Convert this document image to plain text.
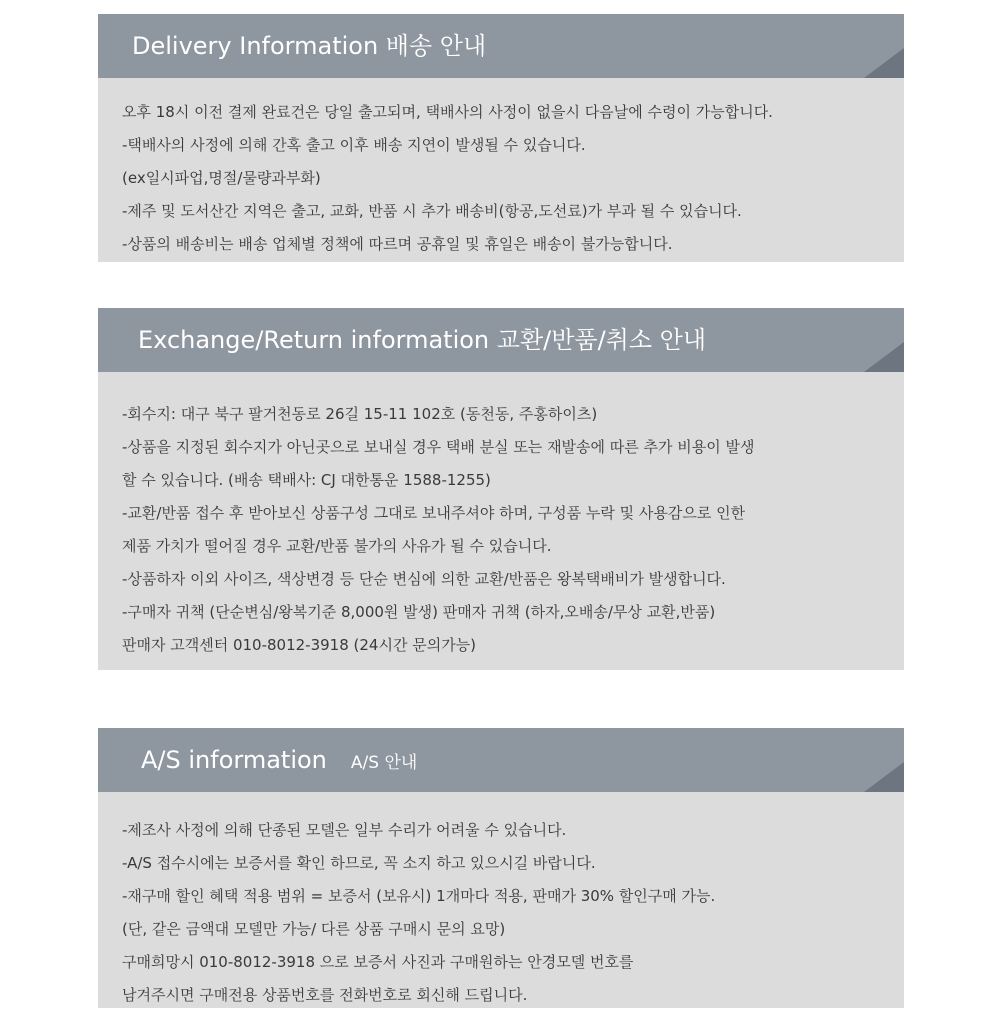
Delivery Information 배송 안내
오후 18시 이전 결제 완료건은 당일 출고되며, 택배사의 사정이 없을시 다음날에 수령이 가능합니다.
-택배사의 사정에 의해 간혹 출고 이후 배송 지연이 발생될 수 있습니다.
(ex일시파업,명절/물량과부화)
-제주 및 도서산간 지역은 출고, 교화, 반품 시 추가 배송비(항공,도선료)가 부과 될 수 있습니다.
-상품의 배송비는 배송 업체별 정책에 따르며 공휴일 및 휴일은 배송이 불가능합니다.
Exchange/Return information 교환/반품/취소 안내
-회수지: 대구 북구 팔거천동로 26길 15-11 102호 (동천동, 주홍하이츠)
-상품을 지정된 회수지가 아닌곳으로 보내실 경우 택배 분실 또는 재발송에 따른 추가 비용이 발생
할 수 있습니다. (배송 택배사: CJ 대한통운 1588-1255)
-교환/반품 접수 후 받아보신 상품구성 그대로 보내주셔야 하며, 구성품 누락 및 사용감으로 인한
제품 가치가 떨어질 경우 교환/반품 불가의 사유가 될 수 있습니다.
-상품하자 이외 사이즈, 색상변경 등 단순 변심에 의한 교환/반품은 왕복택배비가 발생합니다.
-구매자 귀책 (단순변심/왕복기준 8,000원 발생) 판매자 귀책 (하자,오배송/무상 교환,반품)
판매자 고객센터 010-8012-3918 (24시간 문의가능)
A/S information A/S 안내
-제조사 사정에 의해 단종된 모델은 일부 수리가 어려울 수 있습니다.
-A/S 접수시에는 보증서를 확인 하므로, 꼭 소지 하고 있으시길 바랍니다.
-재구매 할인 혜택 적용 범위 = 보증서 (보유시) 1개마다 적용, 판매가 30% 할인구매 가능.
(단, 같은 금액대 모델만 가능/ 다른 상품 구매시 문의 요망)
구매희망시 010-8012-3918 으로 보증서 사진과 구매원하는 안경모델 번호를
남겨주시면 구매전용 상품번호를 전화번호로 회신해 드립니다.
